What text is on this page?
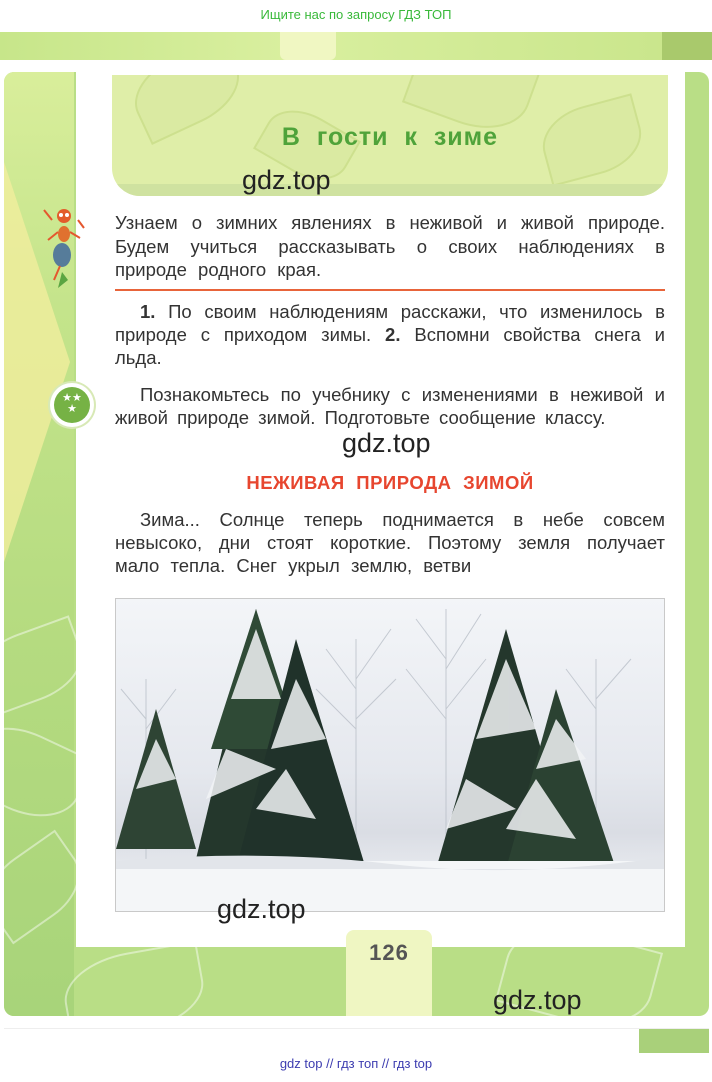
Ищите нас по запросу ГДЗ ТОП
В гости к зиме
gdz.top
Узнаем о зимних явлениях в неживой и живой природе. Будем учиться рассказывать о своих наблюдениях в природе родного края.
1. По своим наблюдениям расскажи, что изменилось в природе с приходом зимы. 2. Вспомни свойства снега и льда.
★★
★
Познакомьтесь по учебнику с изменениями в неживой и живой природе зимой. Подготовьте сообщение классу.
gdz.top
НЕЖИВАЯ ПРИРОДА ЗИМОЙ
Зима... Солнце теперь поднимается в небе совсем невысоко, дни стоят короткие. Поэтому земля получает мало тепла. Снег укрыл землю, ветви
gdz.top
126
gdz.top
gdz top // гдз топ // гдз top
